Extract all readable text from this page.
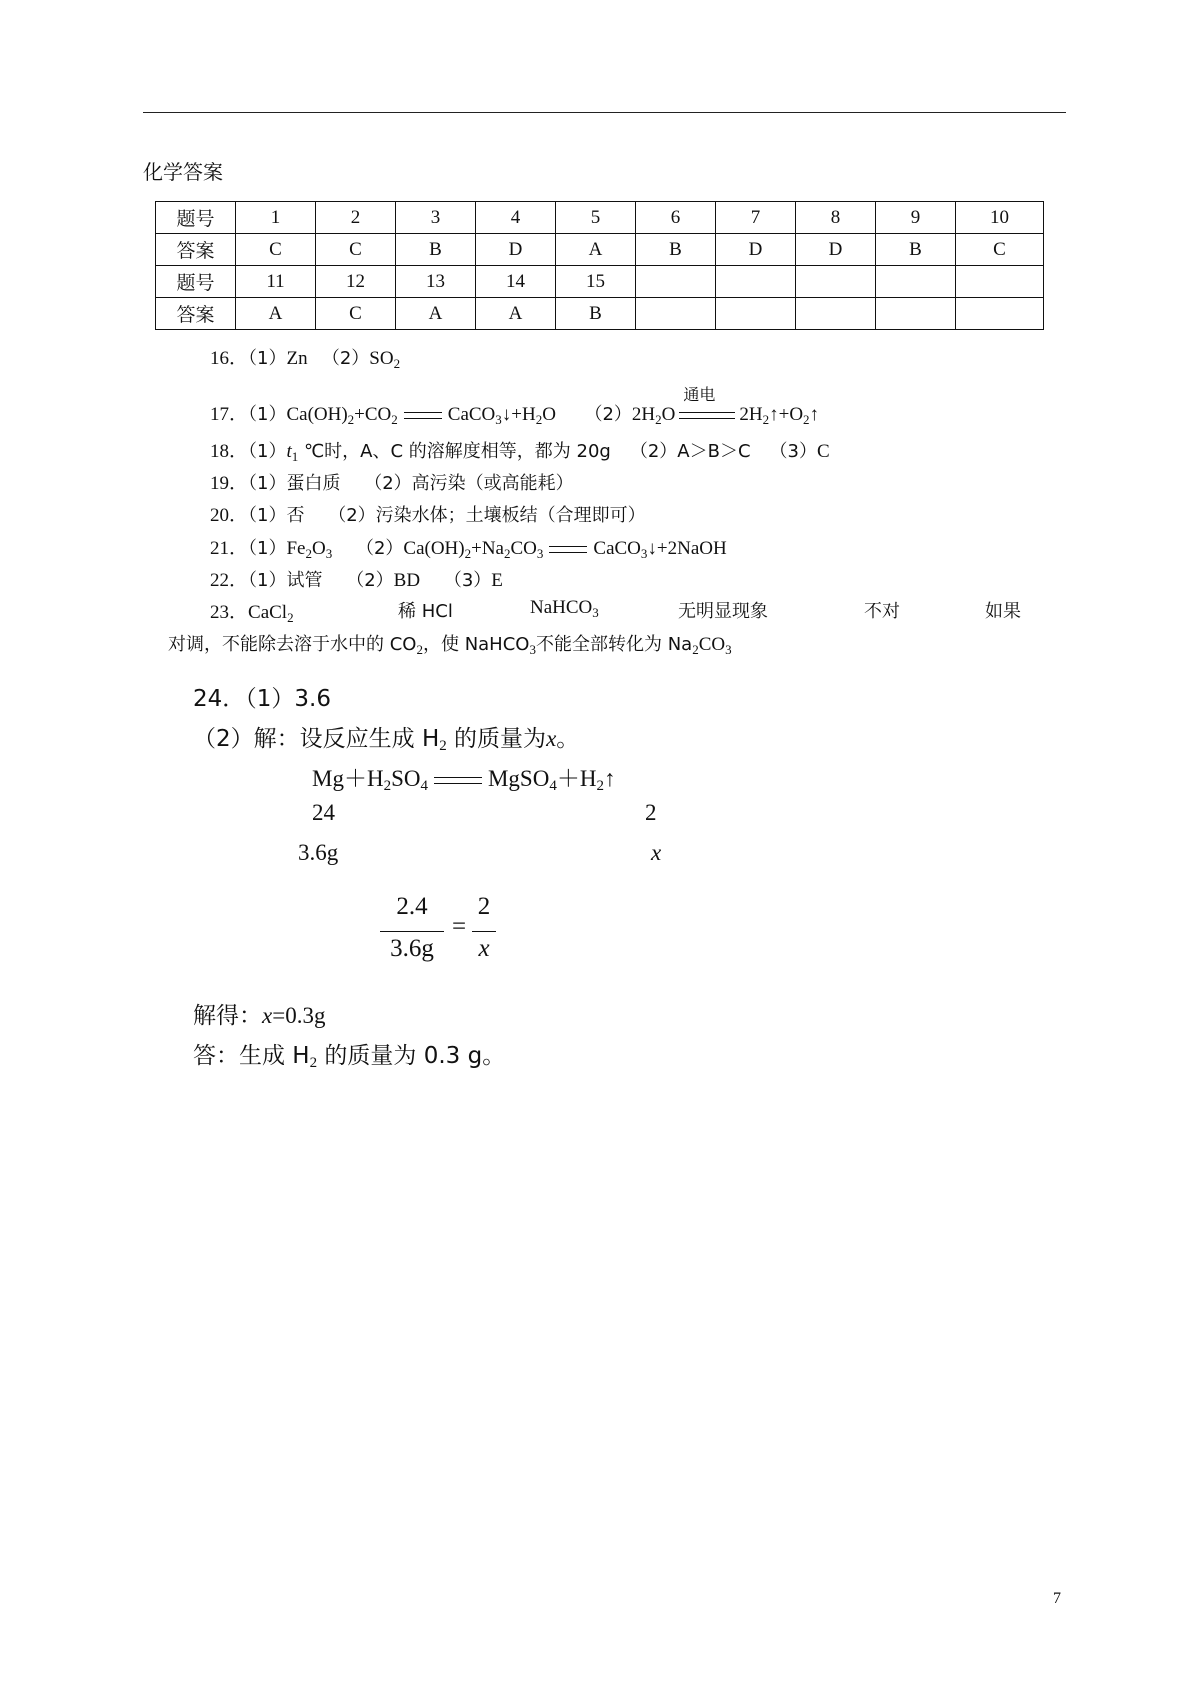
化学答案
题号	1	2	3	4	5	6	7	8	9	10
答案	C	C	B	D	A	B	D	D	B	C
题号	11	12	13	14	15					
答案	A	C	A	A	B					
16．（1）Zn $(2)SO_2$
17．$(1)Ca(OH)_2+CO_2$	$CaCO_3↓+H_2O$ $(2)2H_2O$
通电
$2H_2↑+O_2↑$
18．$(1)t_1$ ℃时，A、C 的溶解度相等，都为 20g （2）A＞B＞C （3）C
19．（1）蛋白质 （2）高污染（或高能耗）
20．（1）否 （2）污染水体；土壤板结（合理即可）
21．$(1)Fe_2O_3$ $(2)Ca(OH)_2+Na_2CO_3$	CaCO$_3$↓+2NaOH
22．（1）试管 （2）BD （3）E
23．CaCl$_2$	稀 HCl	NaHCO$_3$	无明显现象	不对	如果
对调，不能除去溶于水中的 $CO_2$，使 NaHCO$_3$不能全部转化为 $Na_2CO_3$
24．（1）3.6
（2）解：设反应生成 $H_2$ 的质量为x。
$Mg+H_2SO_4$	$MgSO_4+H_2↑$
24	2
3.6g	x
2.4
3.6g
=
2
x
解得：x=0.3g
答：生成 $H_2$ 的质量为 0.3 g。
7
